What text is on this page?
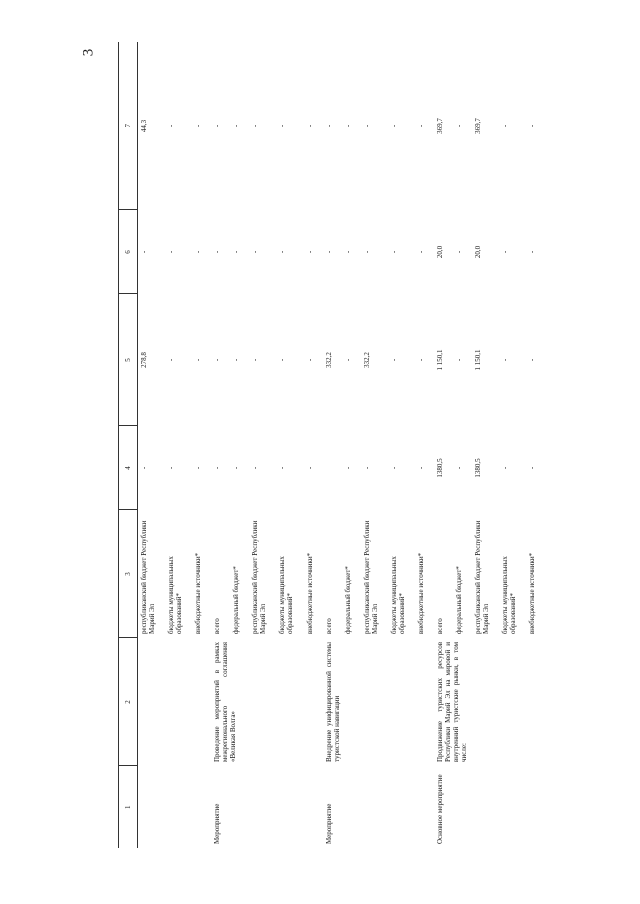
3
1	2	3	4	5	6	7
		республиканский бюджет Республики Марий Эл	-	278,8	-	44,3
		бюджеты муниципальных образований*	-	-	-	-
		внебюджетные источники*	-	-	-	-
Мероприятие	Проведение мероприятий в рамках межрегионального соглашения «Великая Волга»	всего	-	-	-	-
		федеральный бюджет*	-	-	-	-
		республиканский бюджет Республики Марий Эл	-	-	-	-
		бюджеты муниципальных образований*	-	-	-	-
		внебюджетные источники*	-	-	-	-
Мероприятие	Внедрение унифицированной системы туристской навигации	всего		332,2	-	-
		федеральный бюджет*	-	-	-	-
		республиканский бюджет Республики Марий Эл	-	332,2	-	-
		бюджеты муниципальных образований*	-	-	-	-
		внебюджетные источники*	-	-	-	-
Основное мероприятие	Продвижение туристских ресурсов Республики Марий Эл на мировой и внутренний туристские рынки, в том числе:	всего	1380,5	1 150,1	20,0	369,7
		федеральный бюджет*	-	-	-	-
		республиканский бюджет Республики Марий Эл	1380,5	1 150,1	20,0	369,7
		бюджеты муниципальных образований*	-	-	-	-
		внебюджетные источники*	-	-	-	-
